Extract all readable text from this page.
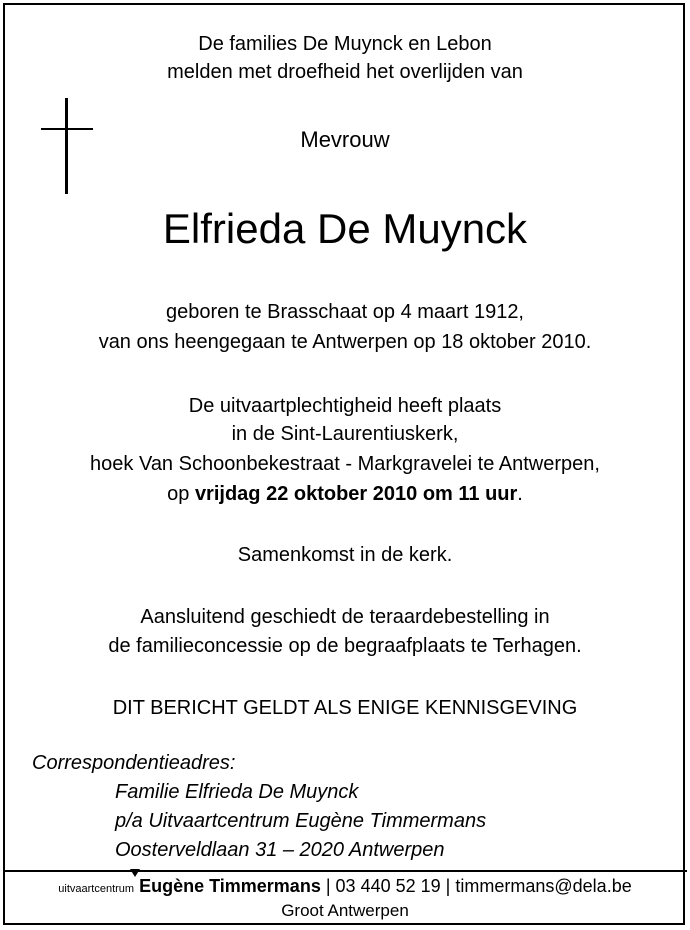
De families De Muynck en Lebon
melden met droefheid het overlijden van
Mevrouw
Elfrieda De Muynck
geboren te Brasschaat op 4 maart 1912,
van ons heengegaan te Antwerpen op 18 oktober 2010.
De uitvaartplechtigheid heeft plaats
in de Sint-Laurentiuskerk,
hoek Van Schoonbekestraat - Markgravelei te Antwerpen,
op vrijdag 22 oktober 2010 om 11 uur.
Samenkomst in de kerk.
Aansluitend geschiedt de teraardebestelling in
de familieconcessie op de begraafplaats te Terhagen.
DIT BERICHT GELDT ALS ENIGE KENNISGEVING
Correspondentieadres:
Familie Elfrieda De Muynck
p/a Uitvaartcentrum Eugène Timmermans
Oosterveldlaan 31 – 2020 Antwerpen
uitvaartcentrum Eugène Timmermans | 03 440 52 19 | timmermans@dela.be
Groot Antwerpen
